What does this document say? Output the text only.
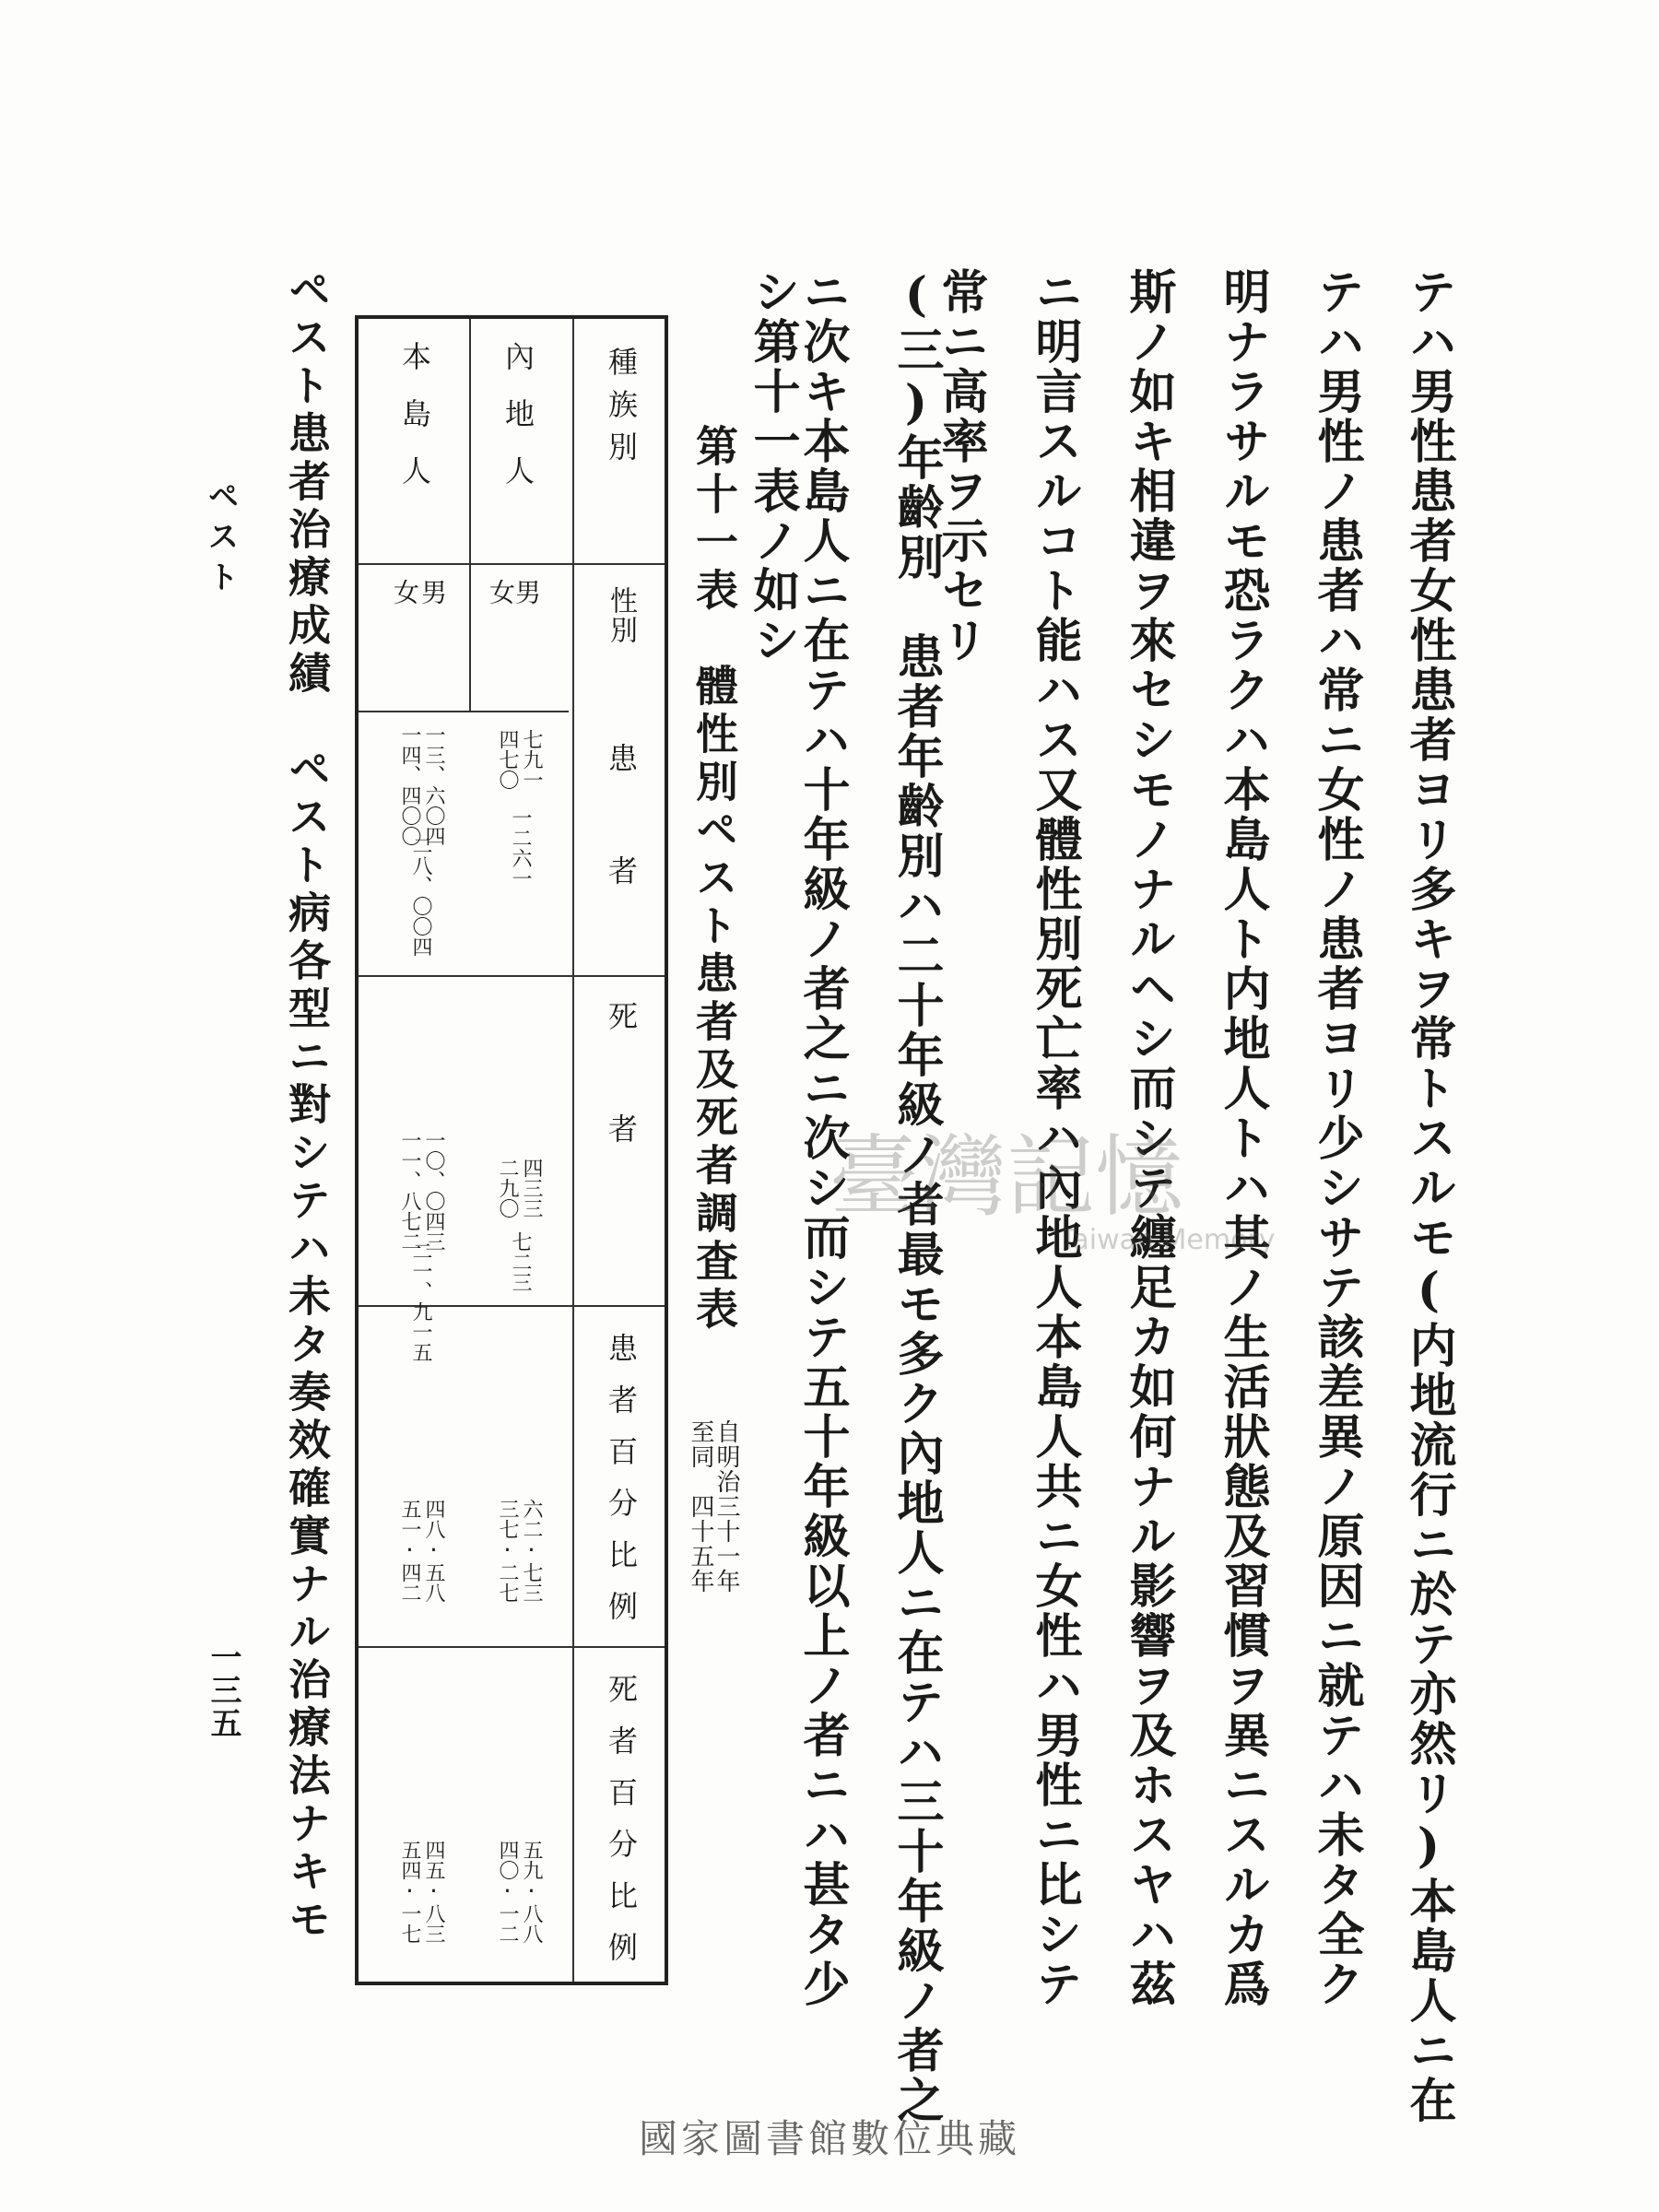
テハ男性患者女性患者ヨリ多キヲ常トスルモ(内地流行ニ於テ亦然リ)本島人ニ在
テハ男性ノ患者ハ常ニ女性ノ患者ヨリ少シサテ該差異ノ原因ニ就テハ未タ全ク
明ナラサルモ恐ラクハ本島人ト内地人トハ其ノ生活狀態及習慣ヲ異ニスルカ爲
斯ノ如キ相違ヲ來セシモノナルヘシ而シテ纏足カ如何ナル影響ヲ及ホスヤハ茲
ニ明言スルコト能ハス又體性別死亡率ハ內地人本島人共ニ女性ハ男性ニ比シテ
常ニ高率ヲ示セリ
(三)年齡別　患者年齡別ハ二十年級ノ者最モ多ク內地人ニ在テハ三十年級ノ者之
ニ次キ本島人ニ在テハ十年級ノ者之ニ次シ而シテ五十年級以上ノ者ニハ甚タ少
シ第十一表ノ如シ
第十一表　體性別ペスト患者及死者調査表
自明治三十一年
至同　四十五年
種族別
性別
患者
死者
患者百分比例
死者百分比例
內地人
男
女
七九一
四七〇
一二六一
四三三
二九〇
七二三
六二·七三
三七·二七
五九·八八
四〇·一二
本島人
男
女
一三、六〇四
一四、四〇〇
二八、〇〇四
一〇、〇四三
一一、八七二
二一、九一五
四八·五八
五一·四二
四五·八三
五四·一七
ペスト患者治療成績　ペスト病各型ニ對シテハ未タ奏效確實ナル治療法ナキモ
ペスト
一三五
臺灣記憶
Taiwan Memory
國家圖書館數位典藏
